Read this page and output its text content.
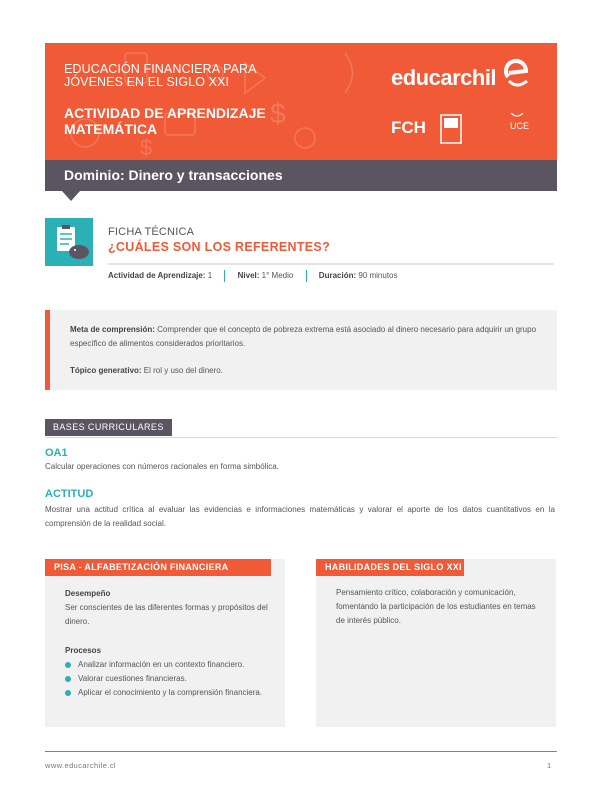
$
$
EDUCACIÓN FINANCIERA PARA
JÓVENES EN EL SIGLO XXI
ACTIVIDAD DE APRENDIZAJE
MATEMÁTICA
educarchil
FCH	UCE
Dominio: Dinero y transacciones
FICHA TÉCNICA
¿CUÁLES SON LOS REFERENTES?
Actividad de Aprendizaje: 1	Nivel: 1° Medio	Duración: 90 minutos
Meta de comprensión: Comprender que el concepto de pobreza extrema está asociado al dinero necesario para adquirir un grupo específico de alimentos considerados prioritarios.
Tópico generativo: El rol y uso del dinero.
BASES CURRICULARES
OA1
Calcular operaciones con números racionales en forma simbólica.
ACTITUD
Mostrar una actitud crítica al evaluar las evidencias e informaciones matemáticas y valorar el aporte de los datos cuantitativos en la comprensión de la realidad social.
PISA - ALFABETIZACIÓN FINANCIERA
Desempeño
Ser conscientes de las diferentes formas y propósitos del dinero.
Procesos
Analizar información en un contexto financiero.
Valorar cuestiones financieras.
Aplicar el conocimiento y la comprensión financiera.
HABILIDADES DEL SIGLO XXI
Pensamiento crítico, colaboración y comunicación, fomentando la participación de los estudiantes en temas de interés público.
www.educarchile.cl	1
